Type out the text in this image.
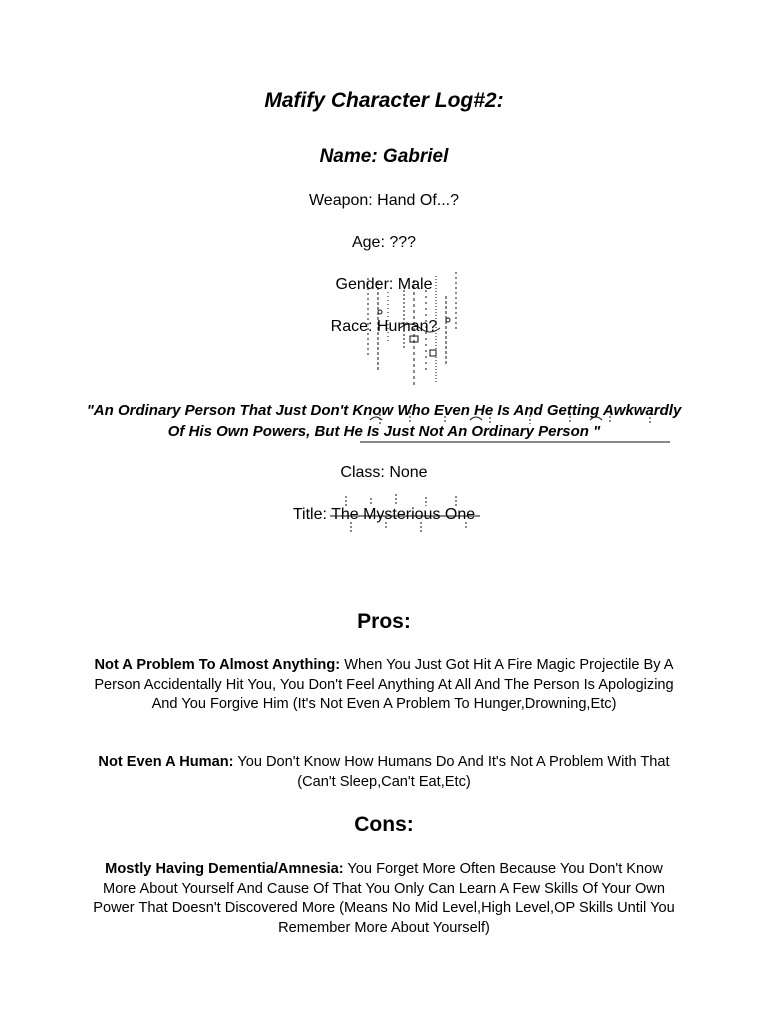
Mafify Character Log#2:
Name: Gabriel

Weapon: Hand Of...?

Age: ???

Gender: Male

Race: Human?

"An Ordinary Person That Just Don't Know Who Even He Is And Getting Awkwardly Of His Own Powers, But He Is Just Not An Ordinary Person "

Class: None

Title: The Mysterious One

Pros:

Not A Problem To Almost Anything: When You Just Got Hit A Fire Magic Projectile By A Person Accidentally Hit You, You Don't Feel Anything At All And The Person Is Apologizing And You Forgive Him (It's Not Even A Problem To Hunger,Drowning,Etc)

Not Even A Human: You Don't Know How Humans Do And It's Not A Problem With That (Can't Sleep,Can't Eat,Etc)

Cons:

Mostly Having Dementia/Amnesia: You Forget More Often Because You Don't Know More About Yourself And Cause Of That You Only Can Learn A Few Skills Of Your Own Power That Doesn't Discovered More (Means No Mid Level,High Level,OP Skills Until You Remember More About Yourself)
